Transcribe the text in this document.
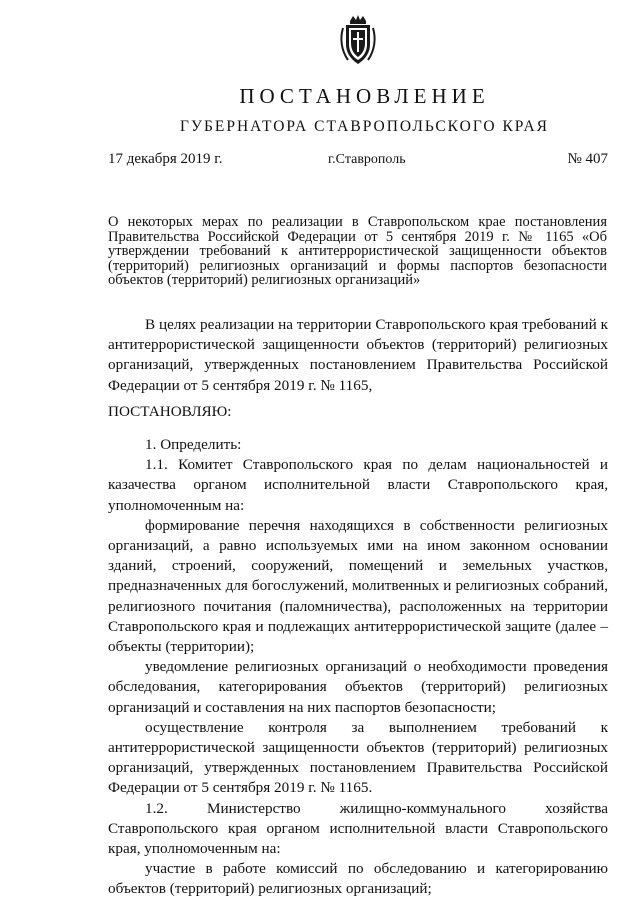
ПОСТАНОВЛЕНИЕ
ГУБЕРНАТОРА СТАВРОПОЛЬСКОГО КРАЯ
17 декабря 2019 г.	г.Ставрополь	№ 407
О некоторых мерах по реализации в Ставропольском крае постановления Правительства Российской Федерации от 5 сентября 2019 г. № 1165 «Об утверждении требований к антитеррористической защищенности объектов (территорий) религиозных организаций и формы паспортов безопасности объектов (территорий) религиозных организаций»

В целях реализации на территории Ставропольского края требований к антитеррористической защищенности объектов (территорий) религиозных организаций, утвержденных постановлением Правительства Российской Федерации от 5 сентября 2019 г. № 1165,

ПОСТАНОВЛЯЮ:

1. Определить:

1.1. Комитет Ставропольского края по делам национальностей и казачества органом исполнительной власти Ставропольского края, уполномоченным на:

формирование перечня находящихся в собственности религиозных организаций, а равно используемых ими на ином законном основании зданий, строений, сооружений, помещений и земельных участков, предназначенных для богослужений, молитвенных и религиозных собраний, религиозного почитания (паломничества), расположенных на территории Ставропольского края и подлежащих антитеррористической защите (далее – объекты (территории);

уведомление религиозных организаций о необходимости проведения обследования, категорирования объектов (территорий) религиозных организаций и составления на них паспортов безопасности;

осуществление контроля за выполнением требований к антитеррористической защищенности объектов (территорий) религиозных организаций, утвержденных постановлением Правительства Российской Федерации от 5 сентября 2019 г. № 1165.

1.2. Министерство жилищно-коммунального хозяйства Ставропольского края органом исполнительной власти Ставропольского края, уполномоченным на:

участие в работе комиссий по обследованию и категорированию объектов (территорий) религиозных организаций;
